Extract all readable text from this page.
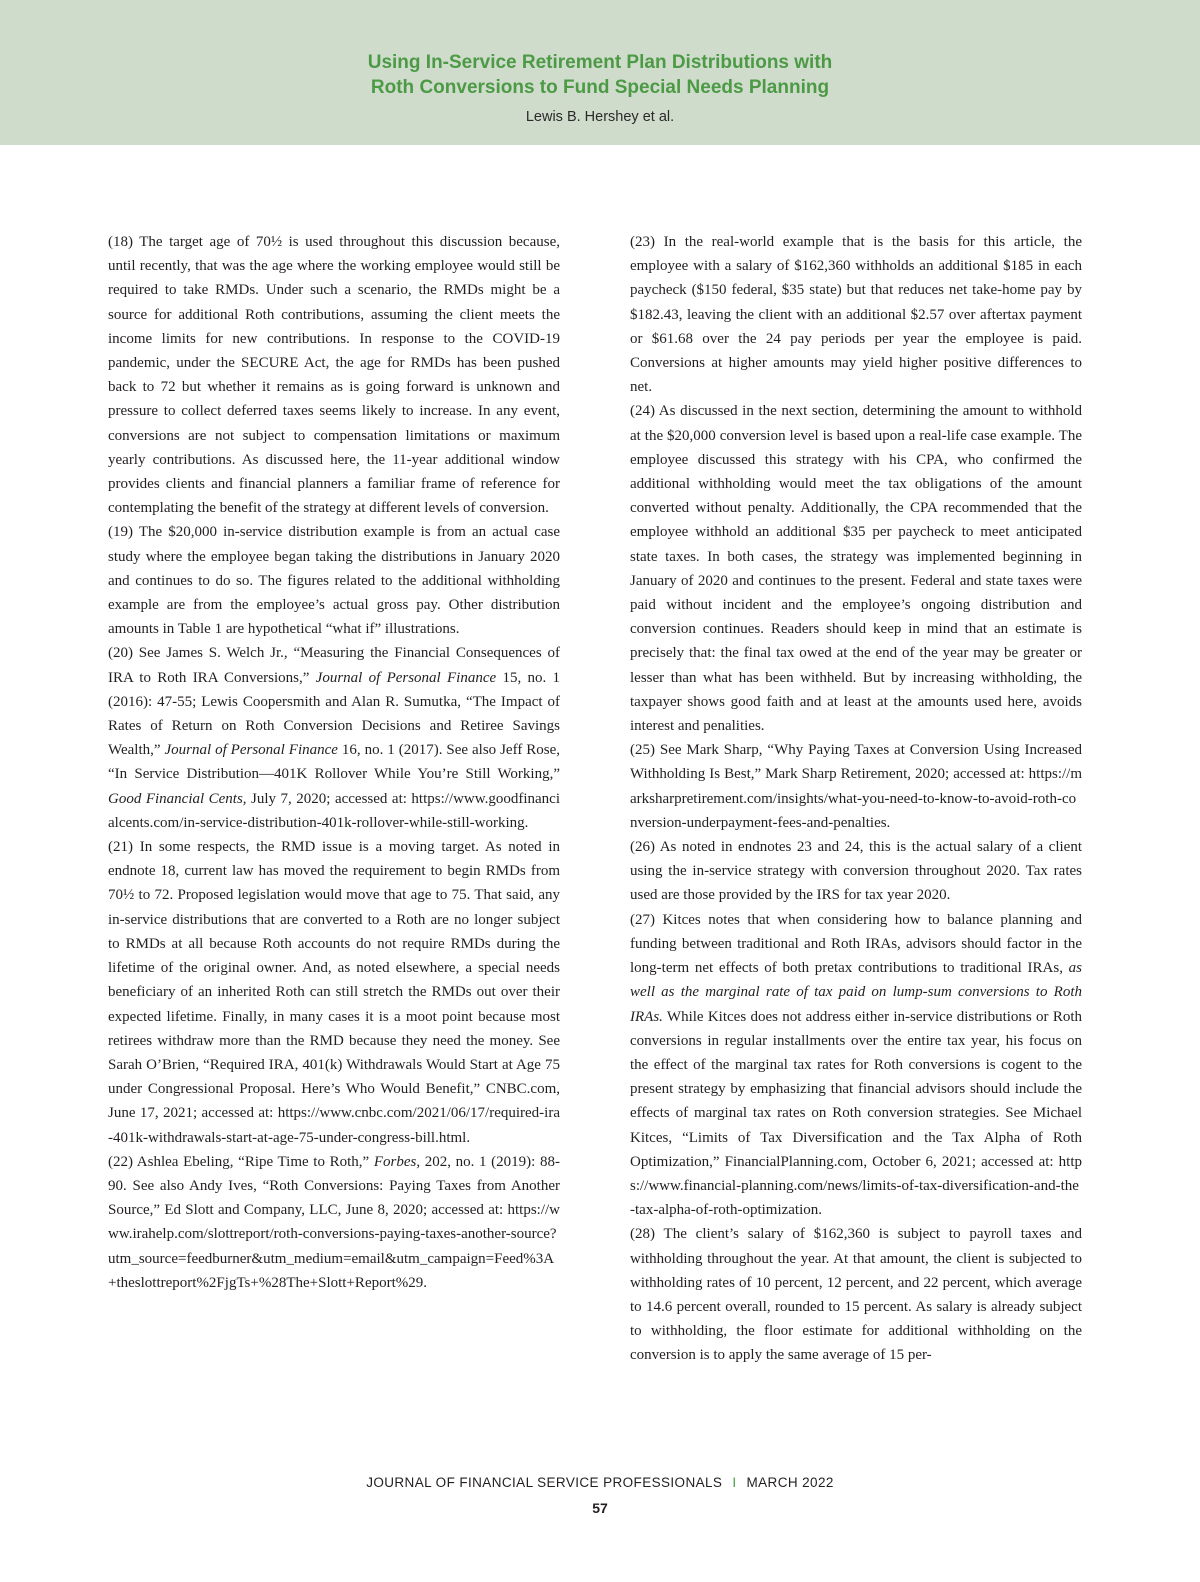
Using In-Service Retirement Plan Distributions with
Roth Conversions to Fund Special Needs Planning
Lewis B. Hershey et al.

(18) The target age of 70½ is used throughout this discussion because, until recently, that was the age where the working employee would still be required to take RMDs. Under such a scenario, the RMDs might be a source for additional Roth contributions, assuming the client meets the income limits for new contributions. In response to the COVID-19 pandemic, under the SECURE Act, the age for RMDs has been pushed back to 72 but whether it remains as is going forward is unknown and pressure to collect deferred taxes seems likely to increase. In any event, conversions are not subject to compensation limitations or maximum yearly contributions. As discussed here, the 11-year additional window provides clients and financial planners a familiar frame of reference for contemplating the benefit of the strategy at different levels of conversion.

(19) The $20,000 in-service distribution example is from an actual case study where the employee began taking the distributions in January 2020 and continues to do so. The figures related to the additional withholding example are from the employee’s actual gross pay. Other distribution amounts in Table 1 are hypothetical “what if” illustrations.

(20) See James S. Welch Jr., “Measuring the Financial Consequences of IRA to Roth IRA Conversions,” Journal of Personal Finance 15, no. 1 (2016): 47-55; Lewis Coopersmith and Alan R. Sumutka, “The Impact of Rates of Return on Roth Conversion Decisions and Retiree Savings Wealth,” Journal of Personal Finance 16, no. 1 (2017). See also Jeff Rose, “In Service Distribution—401K Rollover While You’re Still Working,” Good Financial Cents, July 7, 2020; accessed at: https://www.goodfinancialcents.com/in-service-distribution-401k-rollover-while-still-working.

(21) In some respects, the RMD issue is a moving target. As noted in endnote 18, current law has moved the requirement to begin RMDs from 70½ to 72. Proposed legislation would move that age to 75. That said, any in-service distributions that are converted to a Roth are no longer subject to RMDs at all because Roth accounts do not require RMDs during the lifetime of the original owner. And, as noted elsewhere, a special needs beneficiary of an inherited Roth can still stretch the RMDs out over their expected lifetime. Finally, in many cases it is a moot point because most retirees withdraw more than the RMD because they need the money. See Sarah O’Brien, “Required IRA, 401(k) Withdrawals Would Start at Age 75 under Congressional Proposal. Here’s Who Would Benefit,” CNBC.com, June 17, 2021; accessed at: https://www.cnbc.com/2021/06/17/required-ira-401k-withdrawals-start-at-age-75-under-congress-bill.html.

(22) Ashlea Ebeling, “Ripe Time to Roth,” Forbes, 202, no. 1 (2019): 88-90. See also Andy Ives, “Roth Conversions: Paying Taxes from Another Source,” Ed Slott and Company, LLC, June 8, 2020; accessed at: https://www.irahelp.com/slottreport/roth-conversions-paying-taxes-another-source?utm_source=feedburner&utm_medium=email&utm_campaign=Feed%3A+theslottreport%2FjgTs+%28The+Slott+Report%29.

(23) In the real-world example that is the basis for this article, the employee with a salary of $162,360 withholds an additional $185 in each paycheck ($150 federal, $35 state) but that reduces net take-home pay by $182.43, leaving the client with an additional $2.57 over aftertax payment or $61.68 over the 24 pay periods per year the employee is paid. Conversions at higher amounts may yield higher positive differences to net.

(24) As discussed in the next section, determining the amount to withhold at the $20,000 conversion level is based upon a real-life case example. The employee discussed this strategy with his CPA, who confirmed the additional withholding would meet the tax obligations of the amount converted without penalty. Additionally, the CPA recommended that the employee withhold an additional $35 per paycheck to meet anticipated state taxes. In both cases, the strategy was implemented beginning in January of 2020 and continues to the present. Federal and state taxes were paid without incident and the employee’s ongoing distribution and conversion continues. Readers should keep in mind that an estimate is precisely that: the final tax owed at the end of the year may be greater or lesser than what has been withheld. But by increasing withholding, the taxpayer shows good faith and at least at the amounts used here, avoids interest and penalities.

(25) See Mark Sharp, “Why Paying Taxes at Conversion Using Increased Withholding Is Best,” Mark Sharp Retirement, 2020; accessed at: https://marksharpretirement.com/insights/what-you-need-to-know-to-avoid-roth-conversion-underpayment-fees-and-penalties.

(26) As noted in endnotes 23 and 24, this is the actual salary of a client using the in-service strategy with conversion throughout 2020. Tax rates used are those provided by the IRS for tax year 2020.

(27) Kitces notes that when considering how to balance planning and funding between traditional and Roth IRAs, advisors should factor in the long-term net effects of both pretax contributions to traditional IRAs, as well as the marginal rate of tax paid on lump-sum conversions to Roth IRAs. While Kitces does not address either in-service distributions or Roth conversions in regular installments over the entire tax year, his focus on the effect of the marginal tax rates for Roth conversions is cogent to the present strategy by emphasizing that financial advisors should include the effects of marginal tax rates on Roth conversion strategies. See Michael Kitces, “Limits of Tax Diversification and the Tax Alpha of Roth Optimization,” FinancialPlanning.com, October 6, 2021; accessed at: https://www.financial-planning.com/news/limits-of-tax-diversification-and-the-tax-alpha-of-roth-optimization.

(28) The client’s salary of $162,360 is subject to payroll taxes and withholding throughout the year. At that amount, the client is subjected to withholding rates of 10 percent, 12 percent, and 22 percent, which average to 14.6 percent overall, rounded to 15 percent. As salary is already subject to withholding, the floor estimate for additional withholding on the conversion is to apply the same average of 15 per-

JOURNAL OF FINANCIAL SERVICE PROFESSIONALS I MARCH 2022
57
